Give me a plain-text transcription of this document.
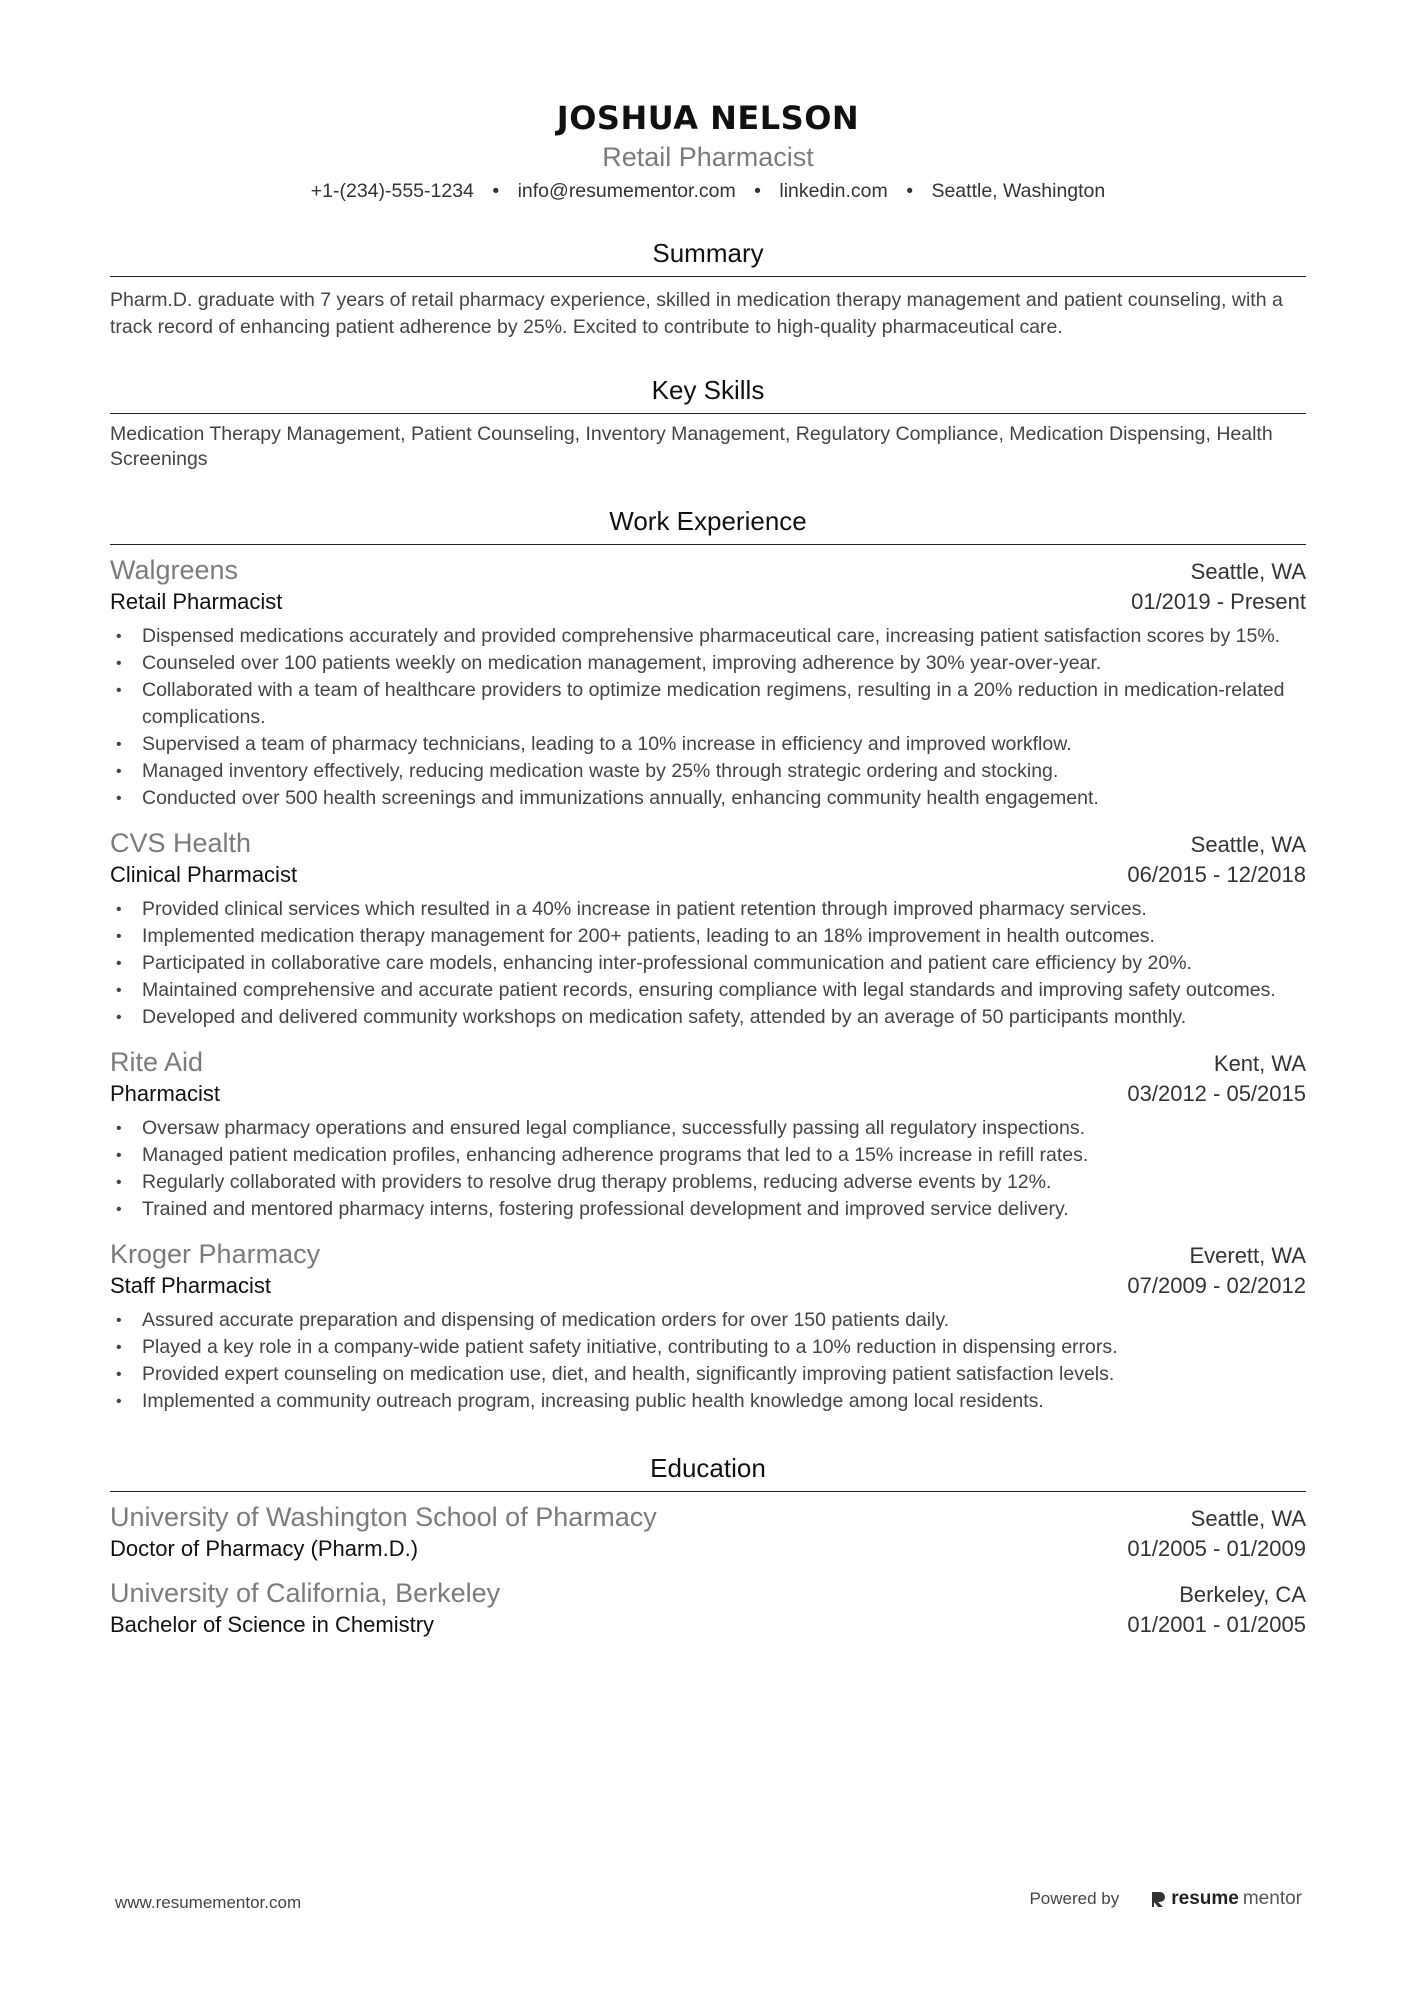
JOSHUA NELSON
Retail Pharmacist
+1-(234)-555-1234 • info@resumementor.com • linkedin.com • Seattle, Washington
Summary
Pharm.D. graduate with 7 years of retail pharmacy experience, skilled in medication therapy management and patient counseling, with a track record of enhancing patient adherence by 25%. Excited to contribute to high-quality pharmaceutical care.
Key Skills
Medication Therapy Management, Patient Counseling, Inventory Management, Regulatory Compliance, Medication Dispensing, Health Screenings
Work Experience
Walgreens	Seattle, WA
Retail Pharmacist	01/2019 - Present
• Dispensed medications accurately and provided comprehensive pharmaceutical care, increasing patient satisfaction scores by 15%.
• Counseled over 100 patients weekly on medication management, improving adherence by 30% year-over-year.
• Collaborated with a team of healthcare providers to optimize medication regimens, resulting in a 20% reduction in medication-related complications.
• Supervised a team of pharmacy technicians, leading to a 10% increase in efficiency and improved workflow.
• Managed inventory effectively, reducing medication waste by 25% through strategic ordering and stocking.
• Conducted over 500 health screenings and immunizations annually, enhancing community health engagement.
CVS Health	Seattle, WA
Clinical Pharmacist	06/2015 - 12/2018
• Provided clinical services which resulted in a 40% increase in patient retention through improved pharmacy services.
• Implemented medication therapy management for 200+ patients, leading to an 18% improvement in health outcomes.
• Participated in collaborative care models, enhancing inter-professional communication and patient care efficiency by 20%.
• Maintained comprehensive and accurate patient records, ensuring compliance with legal standards and improving safety outcomes.
• Developed and delivered community workshops on medication safety, attended by an average of 50 participants monthly.
Rite Aid	Kent, WA
Pharmacist	03/2012 - 05/2015
• Oversaw pharmacy operations and ensured legal compliance, successfully passing all regulatory inspections.
• Managed patient medication profiles, enhancing adherence programs that led to a 15% increase in refill rates.
• Regularly collaborated with providers to resolve drug therapy problems, reducing adverse events by 12%.
• Trained and mentored pharmacy interns, fostering professional development and improved service delivery.
Kroger Pharmacy	Everett, WA
Staff Pharmacist	07/2009 - 02/2012
• Assured accurate preparation and dispensing of medication orders for over 150 patients daily.
• Played a key role in a company-wide patient safety initiative, contributing to a 10% reduction in dispensing errors.
• Provided expert counseling on medication use, diet, and health, significantly improving patient satisfaction levels.
• Implemented a community outreach program, increasing public health knowledge among local residents.
Education
University of Washington School of Pharmacy	Seattle, WA
Doctor of Pharmacy (Pharm.D.)	01/2005 - 01/2009
University of California, Berkeley	Berkeley, CA
Bachelor of Science in Chemistry	01/2001 - 01/2005
www.resumementor.com	Powered by	resume mentor
